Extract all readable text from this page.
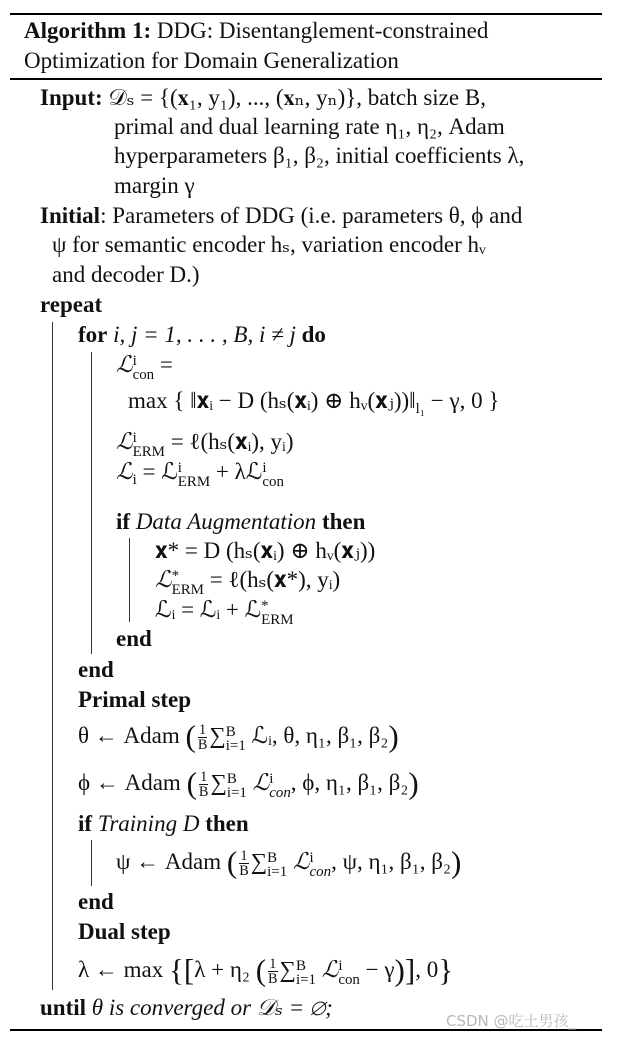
Algorithm 1: DDG: Disentanglement-constrained
Optimization for Domain Generalization
Input: 𝒟ₛ = {(𝐱₁, y₁), ..., (𝐱ₙ, yₙ)}, batch size B,
primal and dual learning rate η₁, η₂, Adam
hyperparameters β₁, β₂, initial coefficients λ,
margin γ
Initial: Parameters of DDG (i.e. parameters θ, ϕ and
ψ for semantic encoder hₛ, variation encoder hᵥ
and decoder D.)
repeat
for i, j = 1, . . . , B, i ≠ j do
ℒ i
con =
max { ‖𝐱ᵢ − D (hₛ(𝐱ᵢ) ⊕ $hᵥ(𝐱ⱼ))‖_{l_1} - \gamma$, 0 }
ℒ i
ERM = ℓ(hₛ(𝐱ᵢ), yᵢ)
ℒ$_i$ = ℒ i
ERM + λℒ i
con
if Data Augmentation then
𝐱* = D (hₛ(𝐱ᵢ) ⊕ hᵥ(𝐱ⱼ))
ℒ *
ERM = ℓ(hₛ(𝐱*), yᵢ)
ℒᵢ = ℒᵢ + ℒ *
ERM
end
end
Primal step
θ ← Adam ( $\frac{1}{B}$ ∑ B
i=1 ℒᵢ, θ, η₁, β₁, β₂)
ϕ ← Adam ( $\frac{1}{B}$ ∑ B
i=1 ℒ i
con , ϕ, η₁, β₁, β₂)
if Training D then
ψ ← Adam ( $\frac{1}{B}$ ∑ B
i=1 ℒ i
con , ψ, η₁, β₁, β₂)
end
Dual step
λ ← max {[λ + η₂ ( $\frac{1}{B}$ ∑ B
i=1 ℒ i
con − γ)], 0}
until θ is converged or 𝒟ₛ = ∅;
CSDN @吃土男孩_
